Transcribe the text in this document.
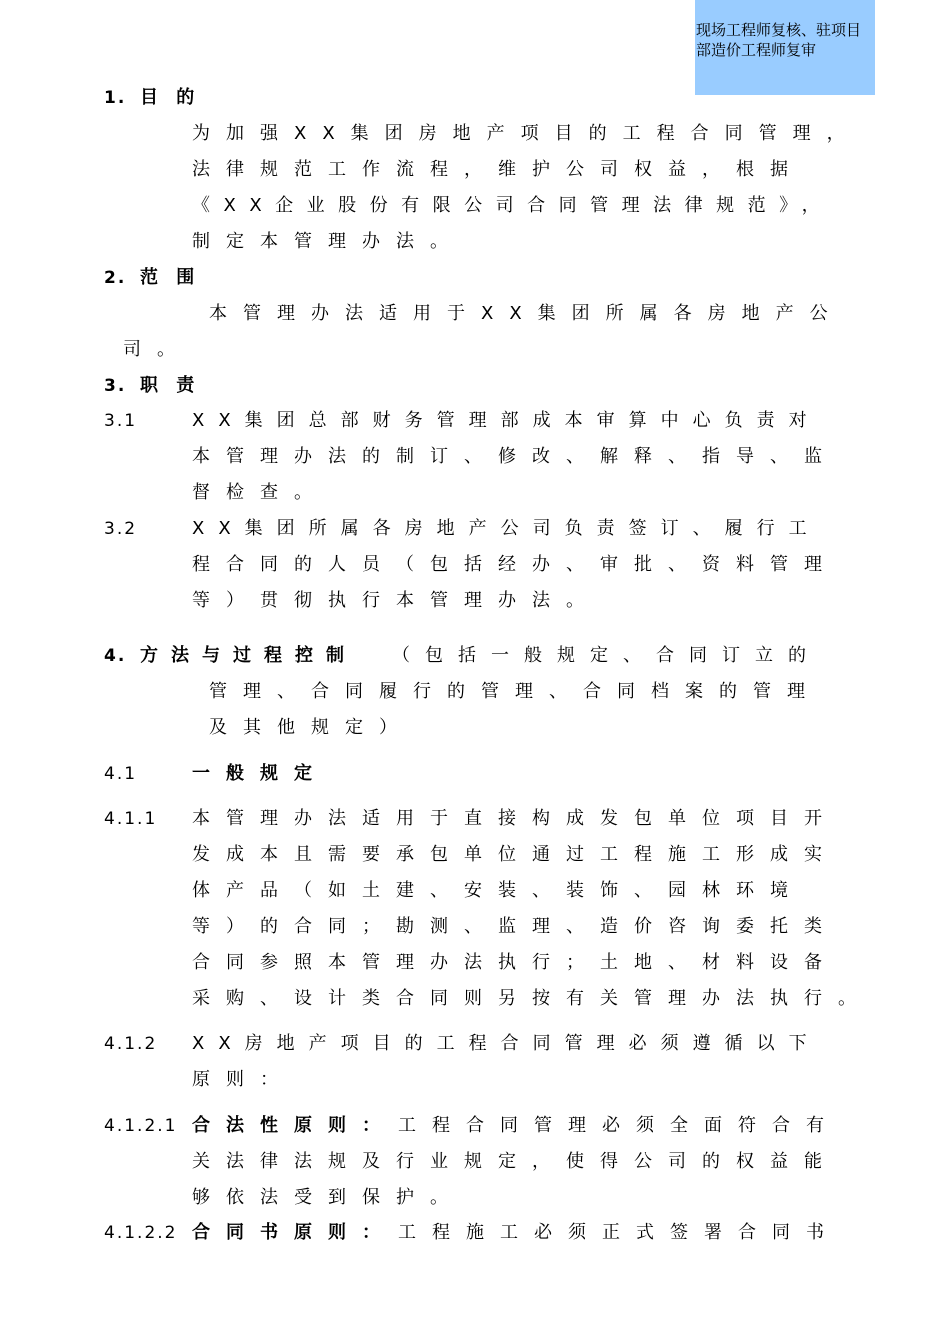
现场工程师复核、驻项目部造价工程师复审
1. 目 的
为加强XX集团房地产项目的工程合同管理，
法律规范工作流程，维护公司权益，根据
《XX企业股份有限公司合同管理法律规范》，
制定本管理办法。
2. 范 围
本管理办法适用于XX集团所属各房地产公
司。
3. 职 责
3.1	XX集团总部财务管理部成本审算中心负责对
本管理办法的制订、修改、解释、指导、监
督检查。
3.2	XX集团所属各房地产公司负责签订、履行工
程合同的人员（包括经办、审批、资料管理
等）贯彻执行本管理办法。
4. 方法与过程控制 （包括一般规定、合同订立的
管理、合同履行的管理、合同档案的管理
及其他规定）
4.1	一般规定
4.1.1 本管理办法适用于直接构成发包单位项目开
发成本且需要承包单位通过工程施工形成实
体产品（如土建、安装、装饰、园林环境
等）的合同；勘测、监理、造价咨询委托类
合同参照本管理办法执行；土地、材料设备
采购、设计类合同则另按有关管理办法执行。
4.1.2 XX房地产项目的工程合同管理必须遵循以下
原则：
4.1.2.1 合法性原则： 工程合同管理必须全面符合有
关法律法规及行业规定，使得公司的权益能
够依法受到保护。
4.1.2.2 合同书原则： 工程施工必须正式签署合同书
